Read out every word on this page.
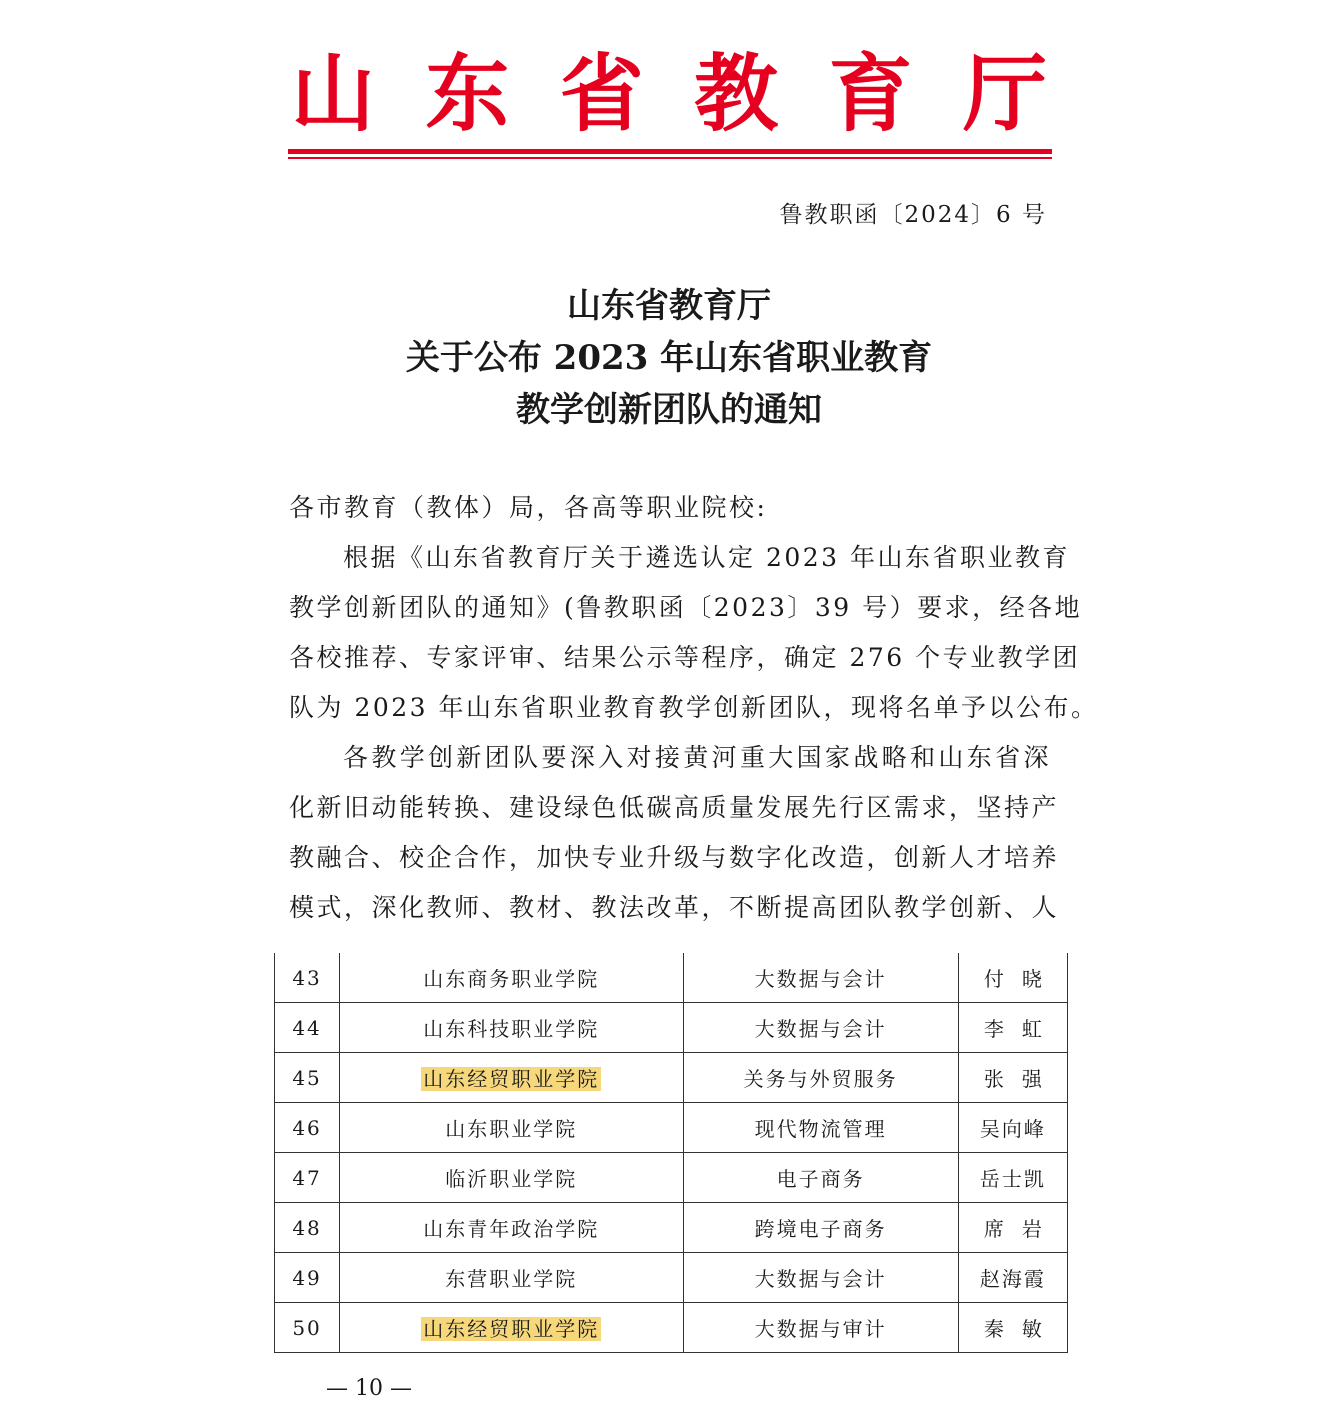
山 东 省 教 育 厅
鲁教职函〔2024〕6 号
山东省教育厅
关于公布 2023 年山东省职业教育
教学创新团队的通知
各市教育（教体）局，各高等职业院校:
根据《山东省教育厅关于遴选认定 2023 年山东省职业教育
教学创新团队的通知》(鲁教职函〔2023〕39 号）要求，经各地
各校推荐、专家评审、结果公示等程序，确定 276 个专业教学团
队为 2023 年山东省职业教育教学创新团队，现将名单予以公布。
各教学创新团队要深入对接黄河重大国家战略和山东省深
化新旧动能转换、建设绿色低碳高质量发展先行区需求，坚持产
教融合、校企合作，加快专业升级与数字化改造，创新人才培养
模式，深化教师、教材、教法改革，不断提高团队教学创新、人
43	山东商务职业学院	大数据与会计	付晓
44	山东科技职业学院	大数据与会计	李虹
45	山东经贸职业学院	关务与外贸服务	张强
46	山东职业学院	现代物流管理	吴向峰
47	临沂职业学院	电子商务	岳士凯
48	山东青年政治学院	跨境电子商务	席岩
49	东营职业学院	大数据与会计	赵海霞
50	山东经贸职业学院	大数据与审计	秦敏
— 10 —
